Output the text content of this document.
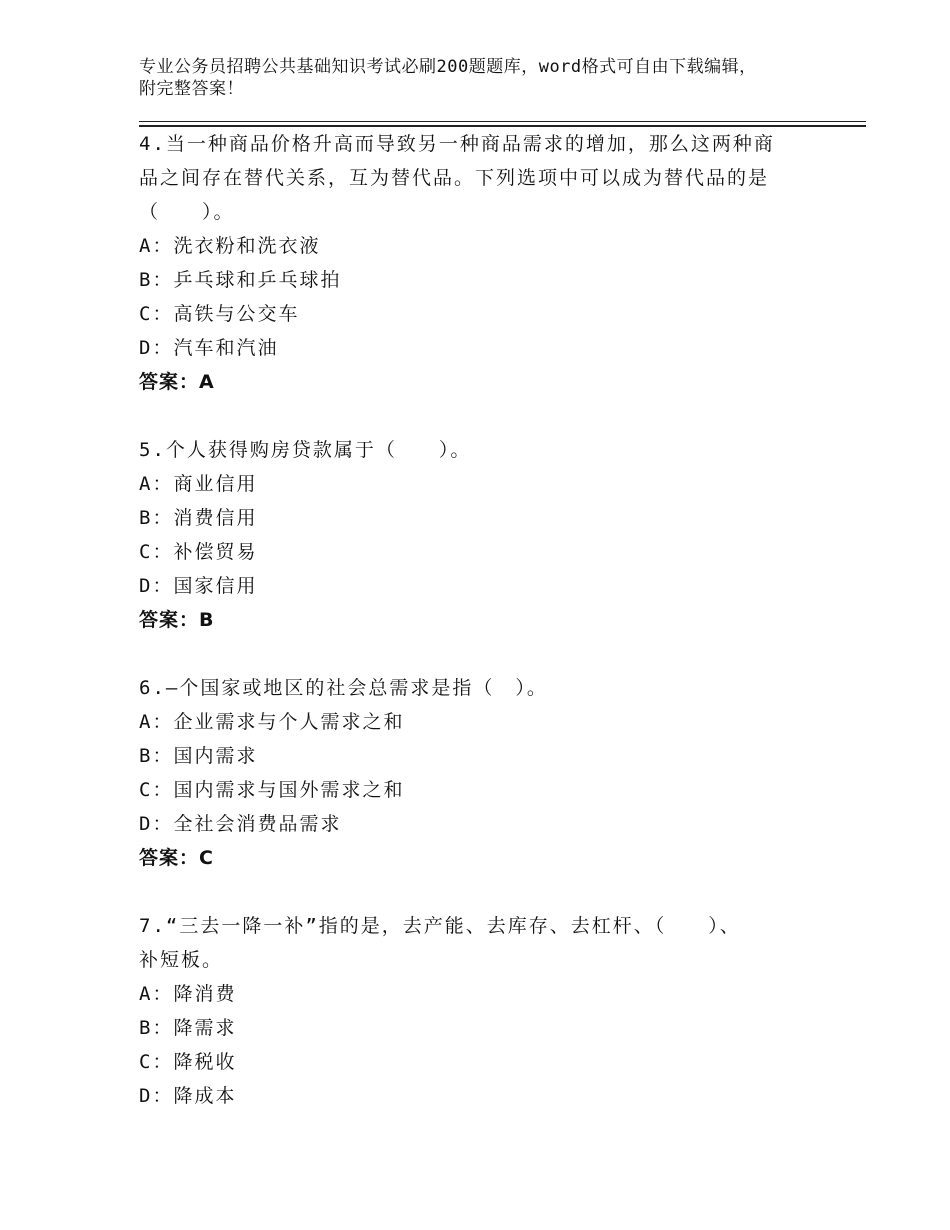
专业公务员招聘公共基础知识考试必刷200题题库，word格式可自由下载编辑，
附完整答案！
4.当一种商品价格升高而导致另一种商品需求的增加，那么这两种商
品之间存在替代关系，互为替代品。下列选项中可以成为替代品的是
（　　）。
A：洗衣粉和洗衣液
B：乒乓球和乒乓球拍
C：高铁与公交车
D：汽车和汽油
答案：A
5.个人获得购房贷款属于（　　）。
A：商业信用
B：消费信用
C：补偿贸易
D：国家信用
答案：B
6.—个国家或地区的社会总需求是指（　）。
A：企业需求与个人需求之和
B：国内需求
C：国内需求与国外需求之和
D：全社会消费品需求
答案：C
7.“三去一降一补”指的是，去产能、去库存、去杠杆、（　　）、
补短板。
A：降消费
B：降需求
C：降税收
D：降成本
